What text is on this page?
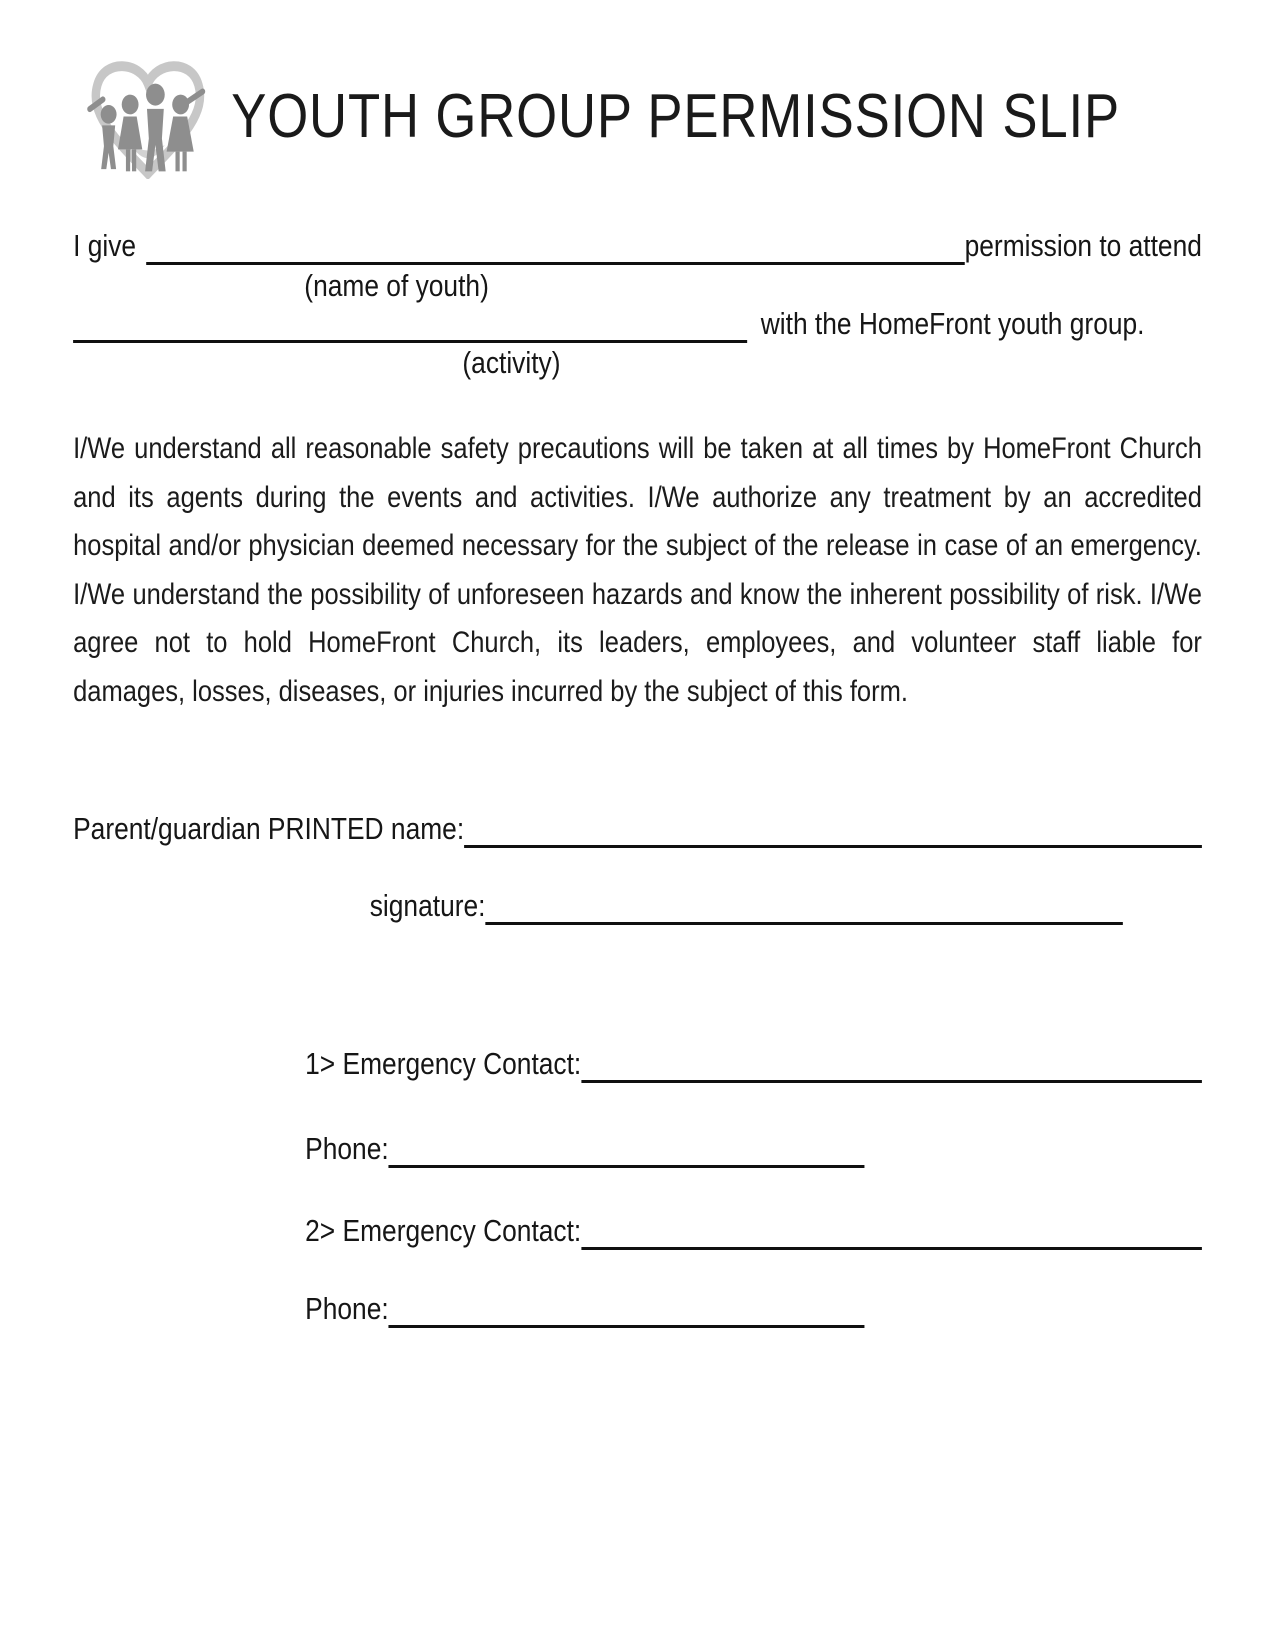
YOUTH GROUP PERMISSION SLIP
I give	permission to attend
(name of youth)
with the HomeFront youth group.
(activity)

I/We understand all reasonable safety precautions will be taken at all times by HomeFront Church and its agents during the events and activities. I/We authorize any treatment by an accredited hospital and/or physician deemed necessary for the subject of the release in case of an emergency. I/We understand the possibility of unforeseen hazards and know the inherent possibility of risk. I/We agree not to hold HomeFront Church, its leaders, employees, and volunteer staff liable for damages, losses, diseases, or injuries incurred by the subject of this form.

Parent/guardian PRINTED name:
signature:
1> Emergency Contact:
Phone:
2> Emergency Contact:
Phone:
